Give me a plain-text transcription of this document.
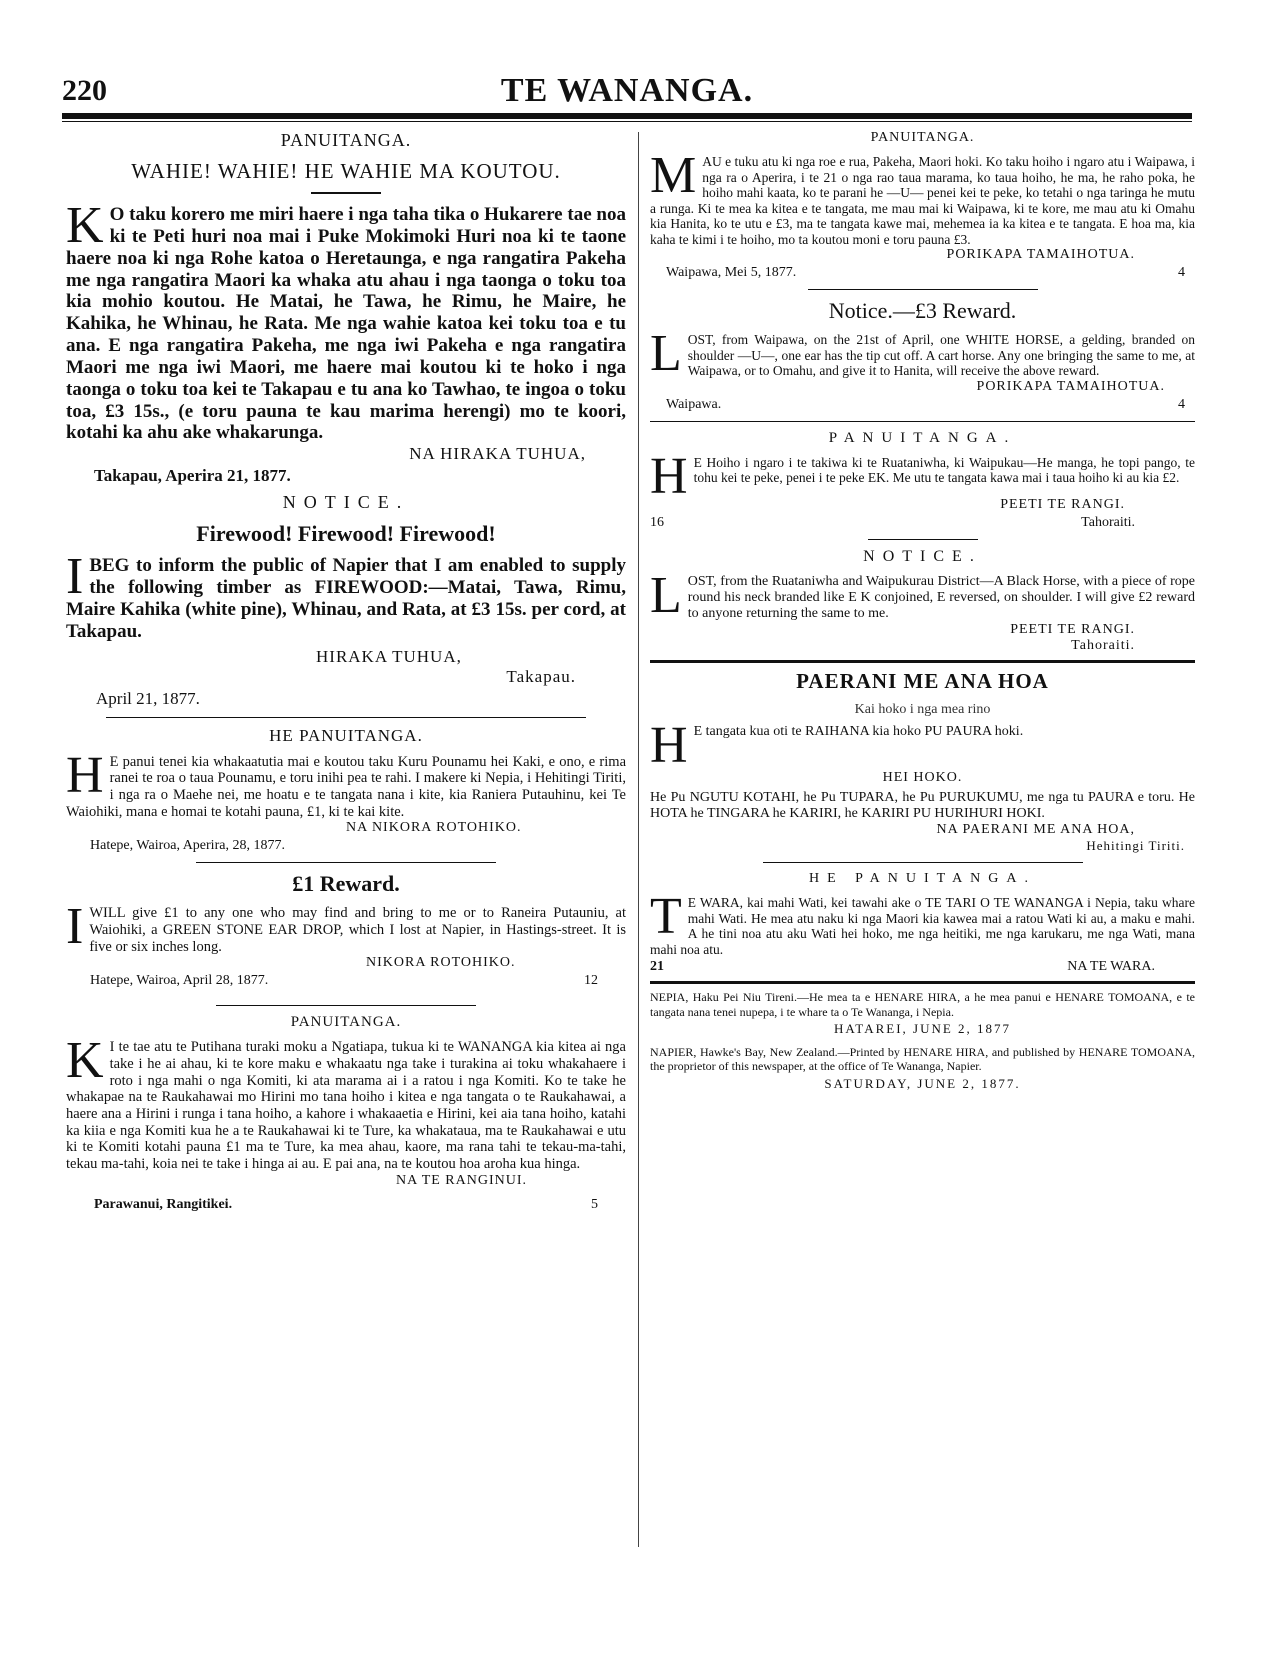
220	TE WANANGA.
PANUITANGA.
WAHIE! WAHIE! HE WAHIE MA KOUTOU.
K O taku korero me miri haere i nga taha tika o Hukarere tae noa ki te Peti huri noa mai i Puke Mokimoki Huri noa ki te taone haere noa ki nga Rohe katoa o Heretaunga, e nga rangatira Pakeha me nga rangatira Maori ka whaka atu ahau i nga taonga o toku toa kia mohio koutou. He Matai, he Tawa, he Rimu, he Maire, he Kahika, he Whinau, he Rata. Me nga wahie katoa kei toku toa e tu ana. E nga rangatira Pakeha, me nga iwi Pakeha e nga rangatira Maori me nga iwi Maori, me haere mai koutou ki te hoko i nga taonga o toku toa kei te Takapau e tu ana ko Tawhao, te ingoa o toku toa, £3 15s., (e toru pauna te kau marima herengi) mo te koori, kotahi ka ahu ake whakarunga.
NA HIRAKA TUHUA,
Takapau, Aperira 21, 1877.
NOTICE.
Firewood! Firewood! Firewood!
IBEG to inform the public of Napier that I am enabled to supply the following timber as FIREWOOD:—Matai, Tawa, Rimu, Maire Kahika (white pine), Whinau, and Rata, at £3 15s. per cord, at Takapau.
HIRAKA TUHUA,
Takapau.
April 21, 1877.
HE PANUITANGA.
H E panui tenei kia whakaatutia mai e koutou taku Kuru Pounamu hei Kaki, e ono, e rima ranei te roa o taua Pounamu, e toru inihi pea te rahi. I makere ki Nepia, i Hehitingi Tiriti, i nga ra o Maehe nei, me hoatu e te tangata nana i kite, kia Raniera Putauhinu, kei Te Waiohiki, mana e homai te kotahi pauna, £1, ki te kai kite.
NA NIKORA ROTOHIKO.
Hatepe, Wairoa, Aperira, 28, 1877.
£1 Reward.
IWILL give £1 to any one who may find and bring to me or to Raneira Putauniu, at Waiohiki, a GREEN STONE EAR DROP, which I lost at Napier, in Hastings-street. It is five or six inches long.
NIKORA ROTOHIKO.
Hatepe, Wairoa, April 28, 1877.	12
PANUITANGA.
K I te tae atu te Putihana turaki moku a Ngatiapa, tukua ki te WANANGA kia kitea ai nga take i he ai ahau, ki te kore maku e whakaatu nga take i turakina ai toku whakahaere i roto i nga mahi o nga Komiti, ki ata marama ai i a ratou i nga Komiti. Ko te take he whakapae na te Raukahawai mo Hirini mo tana hoiho i kitea e nga tangata o te Raukahawai, a haere ana a Hirini i runga i tana hoiho, a kahore i whakaaetia e Hirini, kei aia tana hoiho, katahi ka kiia e nga Komiti kua he a te Raukahawai ki te Ture, ka whakataua, ma te Raukahawai e utu ki te Komiti kotahi pauna £1 ma te Ture, ka mea ahau, kaore, ma rana tahi te tekau-ma-tahi, tekau ma-tahi, koia nei te take i hinga ai au. E pai ana, na te koutou hoa aroha kua hinga.
NA TE RANGINUI.
Parawanui, Rangitikei.	5
PANUITANGA.
MAU e tuku atu ki nga roe e rua, Pakeha, Maori hoki. Ko taku hoiho i ngaro atu i Waipawa, i nga ra o Aperira, i te 21 o nga rao taua marama, ko taua hoiho, he ma, he raho poka, he hoiho mahi kaata, ko te parani he —U— penei kei te peke, ko tetahi o nga taringa he mutu a runga. Ki te mea ka kitea e te tangata, me mau mai ki Waipawa, ki te kore, me mau atu ki Omahu kia Hanita, ko te utu e £3, ma te tangata kawe mai, mehemea ia ka kitea e te tangata. E hoa ma, kia kaha te kimi i te hoiho, mo ta koutou moni e toru pauna £3.
PORIKAPA TAMAIHOTUA.
Waipawa, Mei 5, 1877.	4
Notice.—£3 Reward.
LOST, from Waipawa, on the 21st of April, one WHITE HORSE, a gelding, branded on shoulder —U—, one ear has the tip cut off. A cart horse. Any one bringing the same to me, at Waipawa, or to Omahu, and give it to Hanita, will receive the above reward.
PORIKAPA TAMAIHOTUA.
Waipawa.	4
PANUITANGA.
H E Hoiho i ngaro i te takiwa ki te Ruataniwha, ki Waipukau—He manga, he topi pango, te tohu kei te peke, penei i te peke ЕK. Me utu te tangata kawa mai i taua hoiho ki au kia £2.
PEETI TE RANGI.
16	Tahoraiti.
NOTICE.
LOST, from the Ruataniwha and Waipukurau District—A Black Horse, with a piece of rope round his neck branded like E K conjoined, E reversed, on shoulder. I will give £2 reward to anyone returning the same to me.
PEETI TE RANGI.
Tahoraiti.
PAERANI ME ANA HOA
Kai hoko i nga mea rino
H E tangata kua oti te RAIHANA kia hoko PU PAURA hoki.
HEI HOKO.
He Pu NGUTU KOTAHI, he Pu TUPARA, he Pu PURUKUMU, me nga tu PAURA e toru. He HOTA he TINGARA he KARIRI, he KARIRI PU HURIHURI HOKI.
NA PAERANI ME ANA HOA,
Hehitingi Tiriti.
HE PANUITANGA.
T E WARA, kai mahi Wati, kei tawahi ake o TE TARI O TE WANANGA i Nepia, taku whare mahi Wati. He mea atu naku ki nga Maori kia kawea mai a ratou Wati ki au, a maku e mahi. A he tini noa atu aku Wati hei hoko, me nga heitiki, me nga karukaru, me nga Wati, mana mahi noa atu.
21	NA TE WARA.
NEPIA, Haku Pei Niu Tireni.—He mea ta e HENARE HIRA, a he mea panui e HENARE TOMOANA, e te tangata nana tenei nupepa, i te whare ta o Te Wananga, i Nepia.
HATAREI, JUNE 2, 1877
NAPIER, Hawke's Bay, New Zealand.—Printed by HENARE HIRA, and published by HENARE TOMOANA, the proprietor of this newspaper, at the office of Te Wananga, Napier.
SATURDAY, JUNE 2, 1877.
